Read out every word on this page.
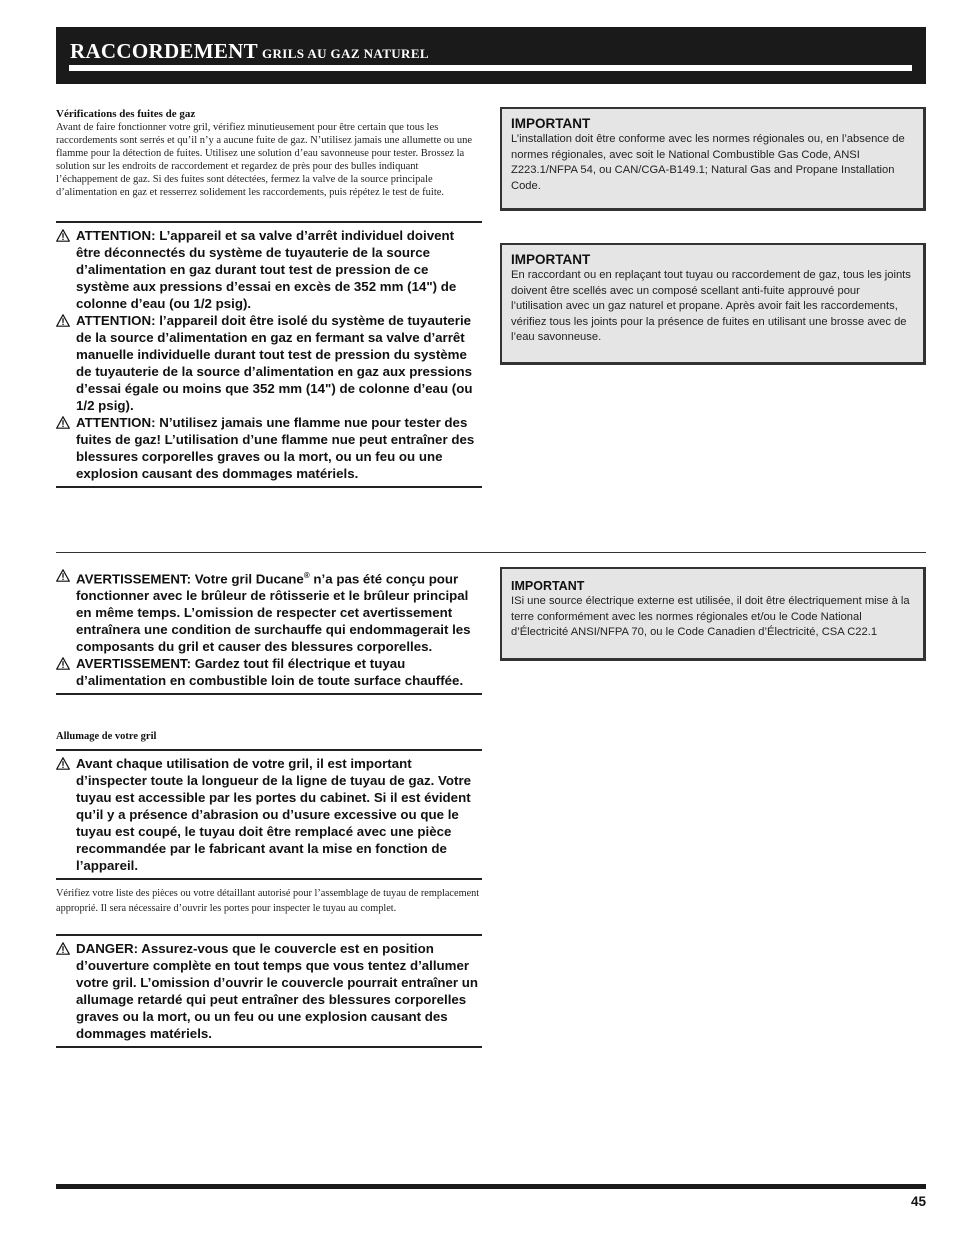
RACCORDEMENT GRILS AU GAZ NATUREL
Vérifications des fuites de gaz
Avant de faire fonctionner votre gril, vérifiez minutieusement pour être certain que tous les raccordements sont serrés et qu’il n’y a aucune fuite de gaz. N’utilisez jamais une allumette ou une flamme pour la détection de fuites. Utilisez une solution d’eau savonneuse pour tester. Brossez la solution sur les endroits de raccordement et regardez de près pour des bulles indiquant l’échappement de gaz. Si des fuites sont détectées, fermez la valve de la source principale d’alimentation en gaz et resserrez solidement les raccordements, puis répétez le test de fuite.
ATTENTION: L’appareil et sa valve d’arrêt individuel doivent être déconnectés du système de tuyauterie de la source d’alimentation en gaz durant tout test de pression de ce système aux pressions d’essai en excès de 352 mm (14") de colonne d’eau (ou 1/2 psig).
ATTENTION: l’appareil doit être isolé du système de tuyauterie de la source d’alimentation en gaz en fermant sa valve d’arrêt manuelle individuelle durant tout test de pression du système de tuyauterie de la source d’alimentation en gaz aux pressions d’essai égale ou moins que 352 mm (14") de colonne d’eau (ou 1/2 psig).
ATTENTION: N’utilisez jamais une flamme nue pour tester des fuites de gaz! L’utilisation d’une flamme nue peut entraîner des blessures corporelles graves ou la mort, ou un feu ou une explosion causant des dommages matériels.
IMPORTANT
L’installation doit être conforme avec les normes régionales ou, en l’absence de normes régionales, avec soit le National Combustible Gas Code, ANSI Z223.1/NFPA 54, ou CAN/CGA-B149.1; Natural Gas and Propane Installation Code.
IMPORTANT
En raccordant ou en replaçant tout tuyau ou raccordement de gaz, tous les joints doivent être scellés avec un composé scellant anti-fuite approuvé pour l’utilisation avec un gaz naturel et propane. Après avoir fait les raccordements, vérifiez tous les joints pour la présence de fuites en utilisant une brosse avec de l’eau savonneuse.
AVERTISSEMENT: Votre gril Ducane® n’a pas été conçu pour fonctionner avec le brûleur de rôtisserie et le brûleur principal en même temps. L’omission de respecter cet avertissement entraînera une condition de surchauffe qui endommagerait les composants du gril et causer des blessures corporelles.
AVERTISSEMENT: Gardez tout fil électrique et tuyau d’alimentation en combustible loin de toute surface chauffée.
IMPORTANT
ISi une source électrique externe est utilisée, il doit être électriquement mise à la terre conformément avec les normes régionales et/ou le Code National d’Électricité ANSI/NFPA 70, ou le Code Canadien d’Électricité, CSA C22.1
Allumage de votre gril
Avant chaque utilisation de votre gril, il est important d’inspecter toute la longueur de la ligne de tuyau de gaz. Votre tuyau est accessible par les portes du cabinet. Si il est évident qu’il y a présence d’abrasion ou d’usure excessive ou que le tuyau est coupé, le tuyau doit être remplacé avec une pièce recommandée par le fabricant avant la mise en fonction de l’appareil.
Vérifiez votre liste des pièces ou votre détaillant autorisé pour l’assemblage de tuyau de remplacement approprié. Il sera nécessaire d’ouvrir les portes pour inspecter le tuyau au complet.
DANGER: Assurez-vous que le couvercle est en position d’ouverture complète en tout temps que vous tentez d’allumer votre gril. L’omission d’ouvrir le couvercle pourrait entraîner un allumage retardé qui peut entraîner des blessures corporelles graves ou la mort, ou un feu ou une explosion causant des dommages matériels.
45
